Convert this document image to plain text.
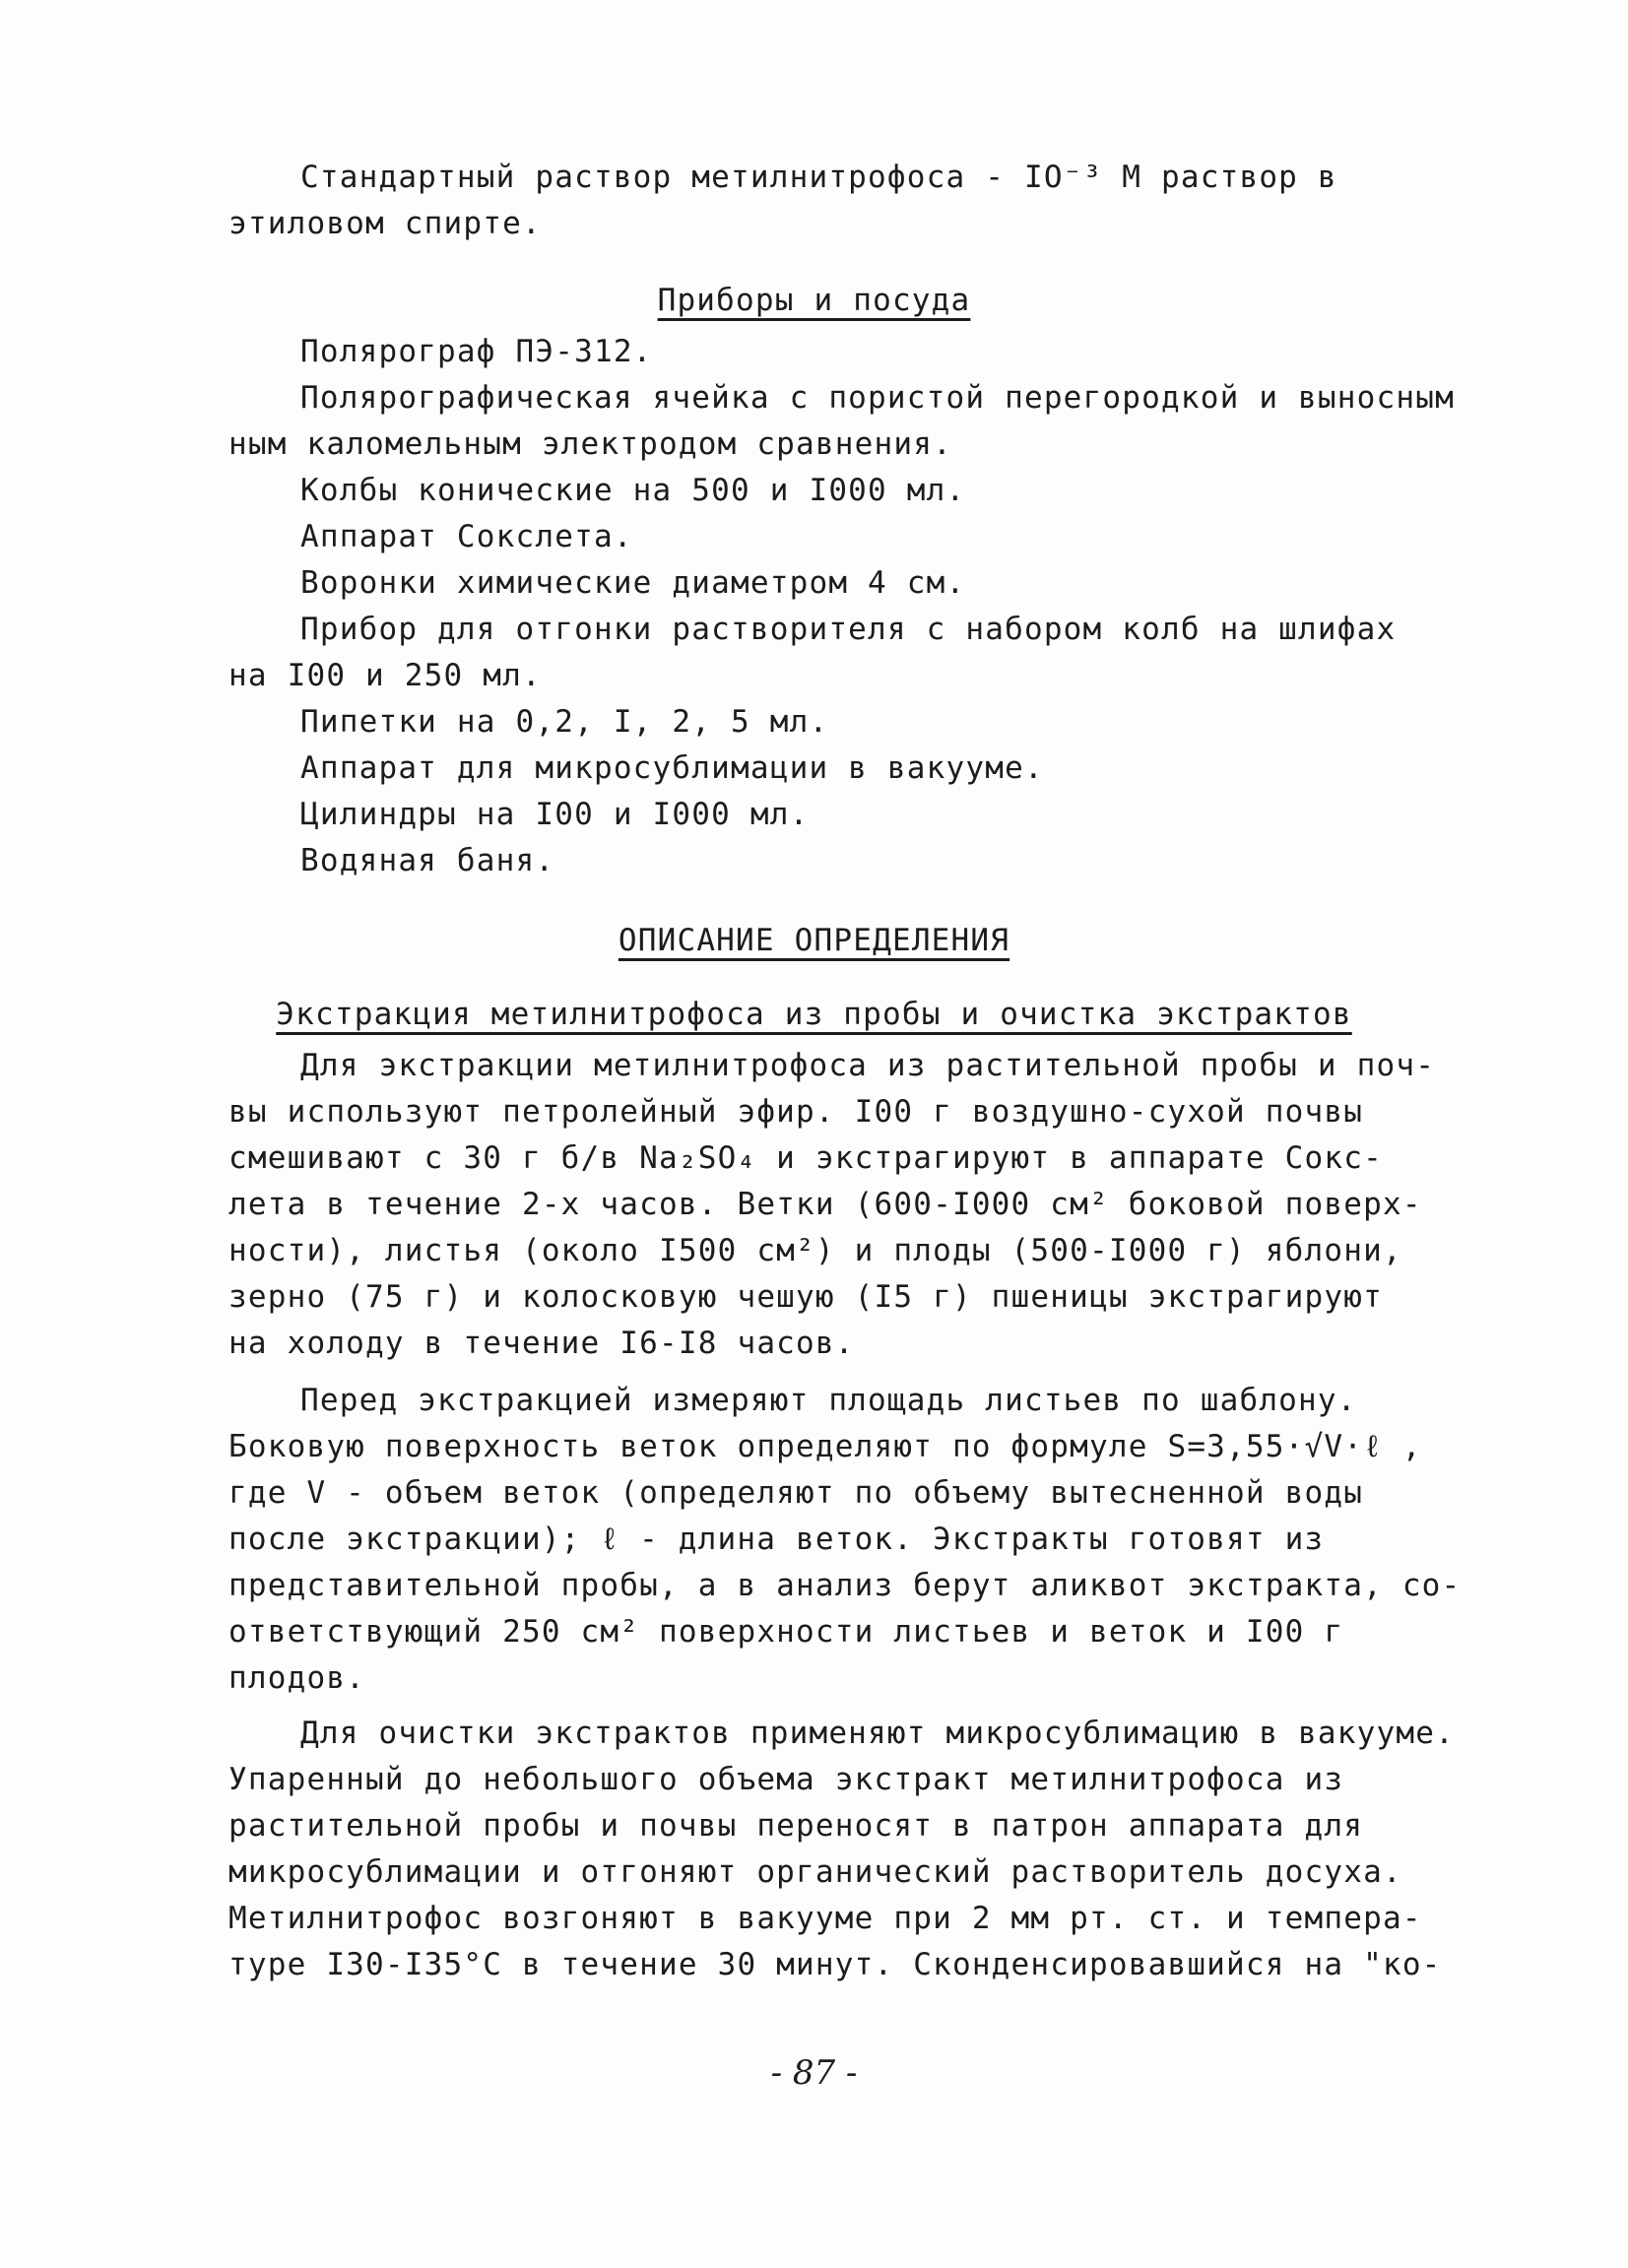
Стандартный раствор метилнитрофоса - IO⁻³ М раствор в
этиловом спирте.
Приборы и посуда
Полярограф ПЭ-312.
Полярографическая ячейка с пористой перегородкой и выносным
ным каломельным электродом сравнения.
Колбы конические на 500 и I000 мл.
Аппарат Сокслета.
Воронки химические диаметром 4 см.
Прибор для отгонки растворителя с набором колб на шлифах
на I00 и 250 мл.
Пипетки на 0,2, I, 2, 5 мл.
Аппарат для микросублимации в вакууме.
Цилиндры на I00 и I000 мл.
Водяная баня.
ОПИСАНИЕ ОПРЕДЕЛЕНИЯ
Экстракция метилнитрофоса из пробы и очистка экстрактов
Для экстракции метилнитрофоса из растительной пробы и поч-
вы используют петролейный эфир. I00 г воздушно-сухой почвы
смешивают с 30 г б/в Na₂SO₄ и экстрагируют в аппарате Сокс-
лета в течение 2-х часов. Ветки (600-I000 см² боковой поверх-
ности), листья (около I500 см²) и плоды (500-I000 г) яблони,
зерно (75 г) и колосковую чешую (I5 г) пшеницы экстрагируют
на холоду в течение I6-I8 часов.
Перед экстракцией измеряют площадь листьев по шаблону.
Боковую поверхность веток определяют по формуле S=3,55·√V·ℓ ,
где V - объем веток (определяют по объему вытесненной воды
после экстракции); ℓ - длина веток. Экстракты готовят из
представительной пробы, а в анализ берут аликвот экстракта, со-
ответствующий 250 см² поверхности листьев и веток и I00 г
плодов.
Для очистки экстрактов применяют микросублимацию в вакууме.
Упаренный до небольшого объема экстракт метилнитрофоса из
растительной пробы и почвы переносят в патрон аппарата для
микросублимации и отгоняют органический растворитель досуха.
Метилнитрофос возгоняют в вакууме при 2 мм рт. ст. и темпера-
туре I30-I35°С в течение 30 минут. Сконденсировавшийся на "ко-
- 87 -
